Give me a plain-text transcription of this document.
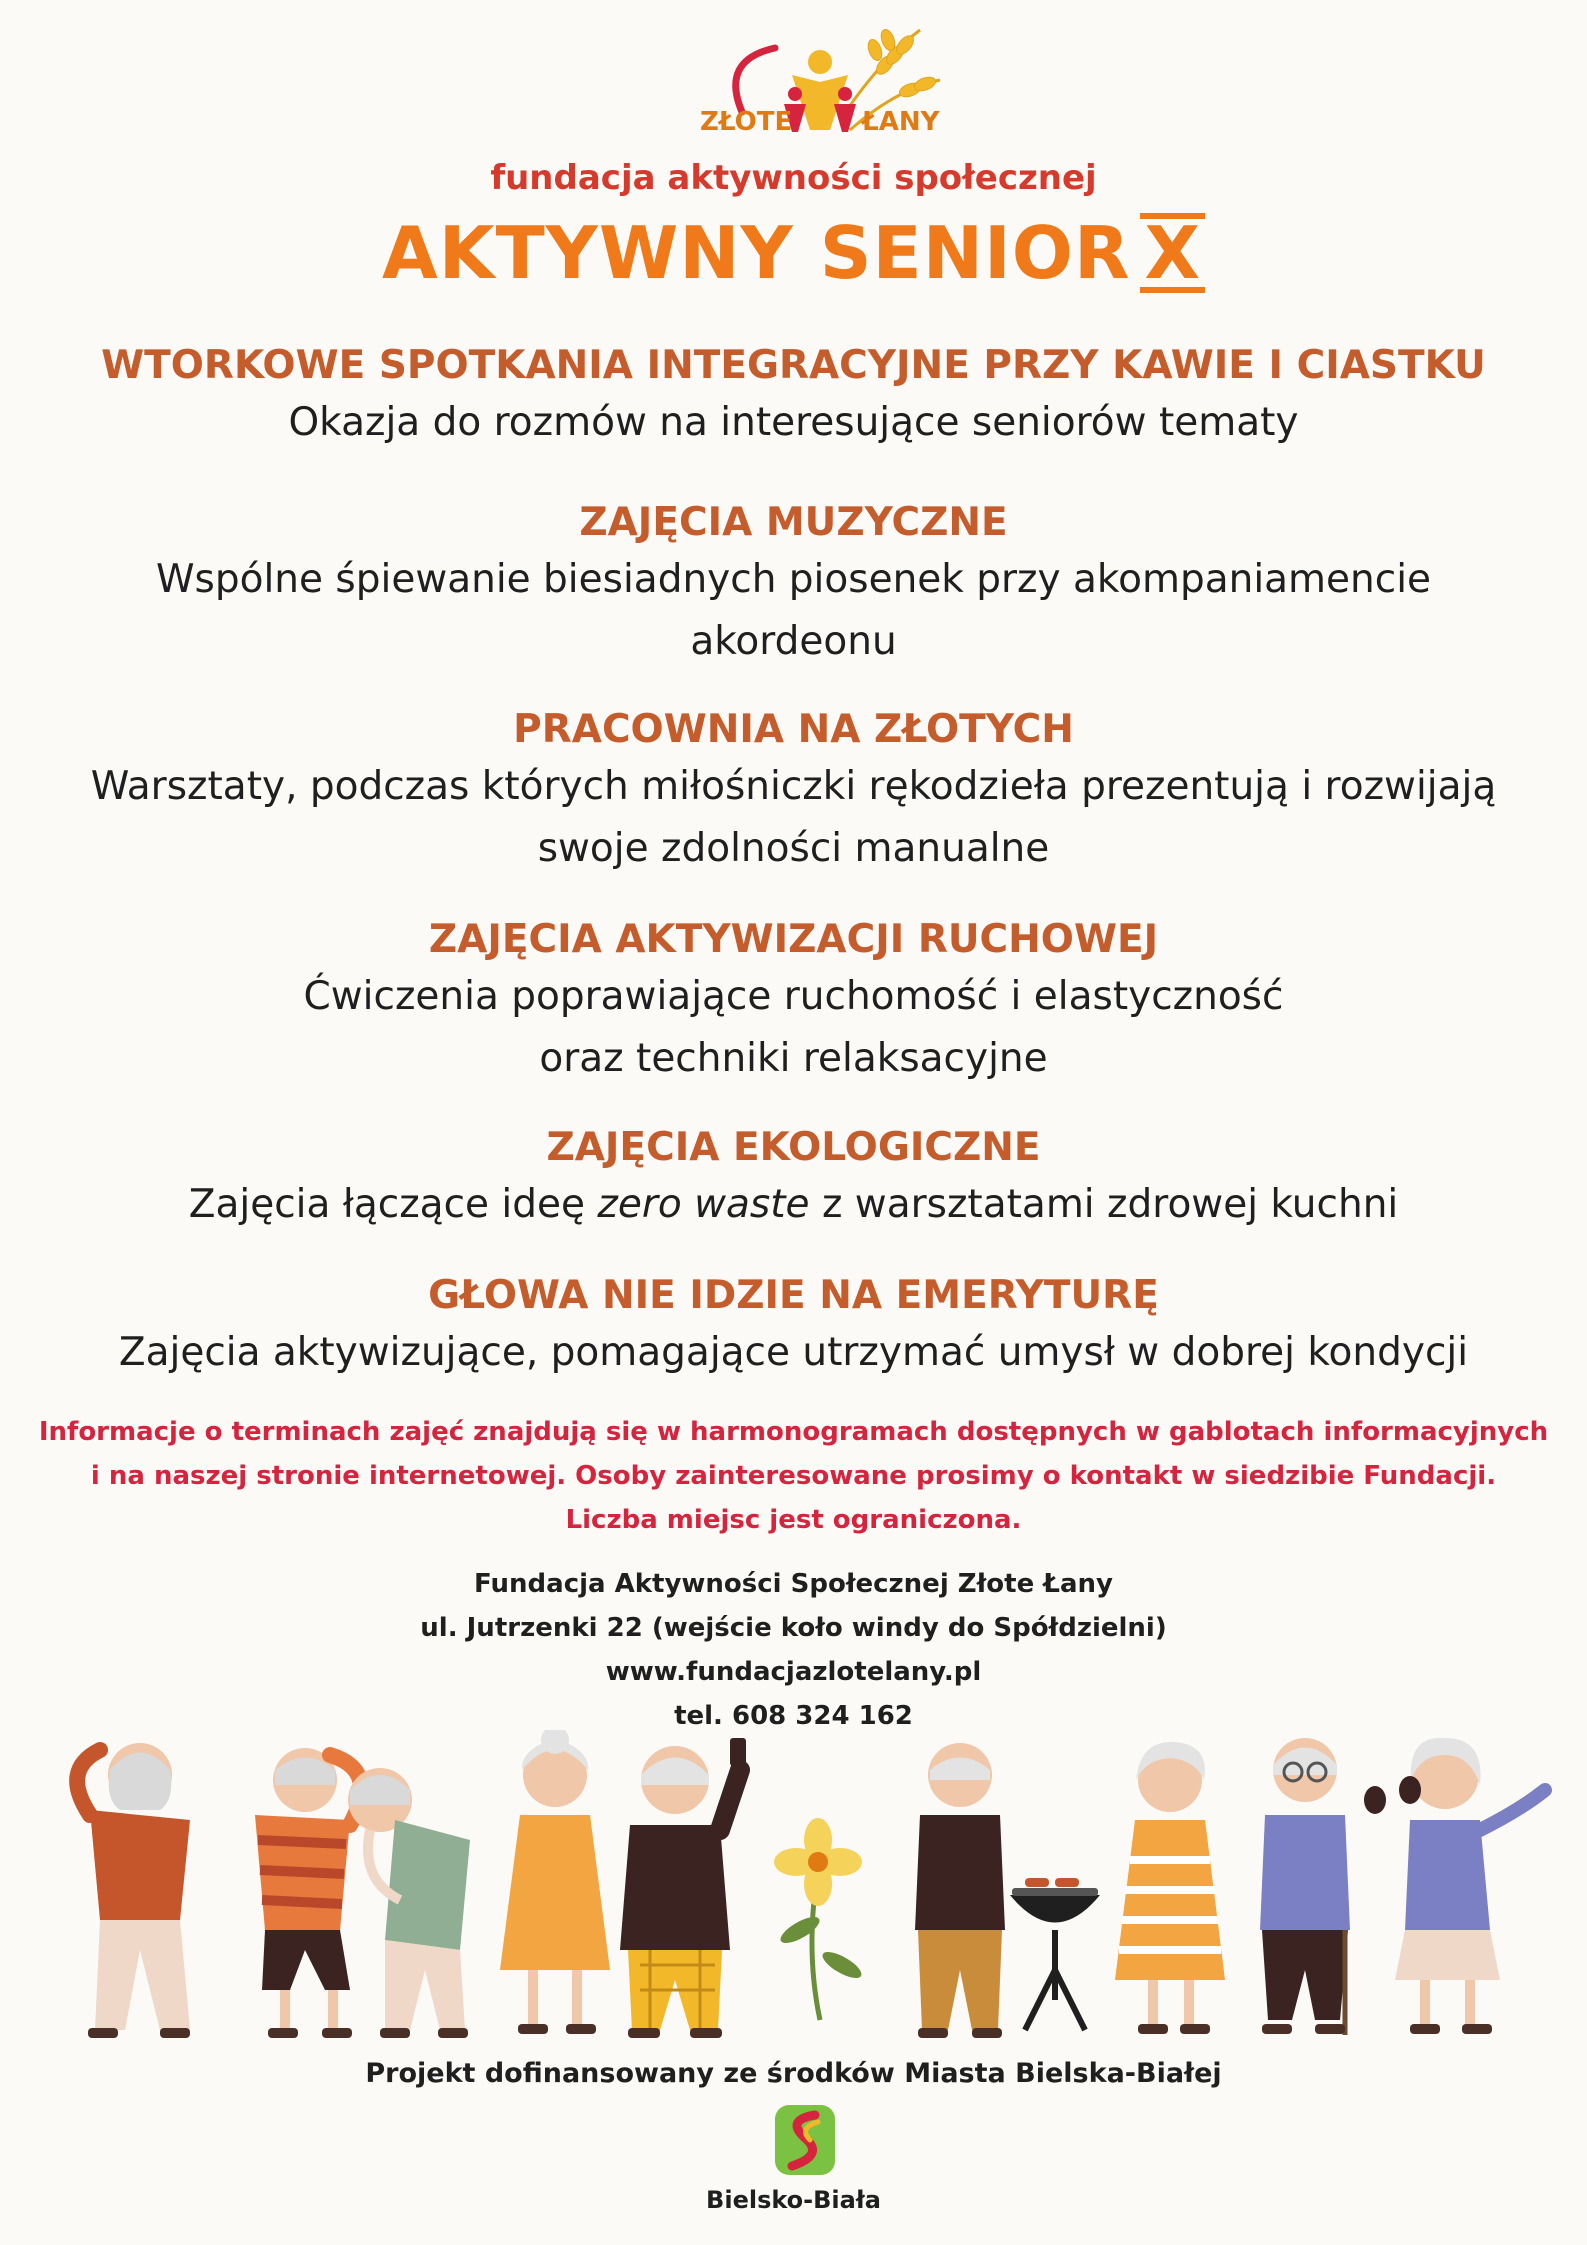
ZŁOTE	ŁANY
fundacja aktywności społecznej
AKTYWNY SENIOR X
WTORKOWE SPOTKANIA INTEGRACYJNE PRZY KAWIE I CIASTKU
Okazja do rozmów na interesujące seniorów tematy
ZAJĘCIA MUZYCZNE
Wspólne śpiewanie biesiadnych piosenek przy akompaniamencie
akordeonu
PRACOWNIA NA ZŁOTYCH
Warsztaty, podczas których miłośniczki rękodzieła prezentują i rozwijają
swoje zdolności manualne
ZAJĘCIA AKTYWIZACJI RUCHOWEJ
Ćwiczenia poprawiające ruchomość i elastyczność
oraz techniki relaksacyjne
ZAJĘCIA EKOLOGICZNE
Zajęcia łączące ideę zero waste z warsztatami zdrowej kuchni
GŁOWA NIE IDZIE NA EMERYTURĘ
Zajęcia aktywizujące, pomagające utrzymać umysł w dobrej kondycji
Informacje o terminach zajęć znajdują się w harmonogramach dostępnych w gablotach informacyjnych
i na naszej stronie internetowej. Osoby zainteresowane prosimy o kontakt w siedzibie Fundacji.
Liczba miejsc jest ograniczona.
Fundacja Aktywności Społecznej Złote Łany
ul. Jutrzenki 22 (wejście koło windy do Spółdzielni)
www.fundacjazlotelany.pl
tel. 608 324 162
Projekt dofinansowany ze środków Miasta Bielska-Białej
Bielsko-Biała
